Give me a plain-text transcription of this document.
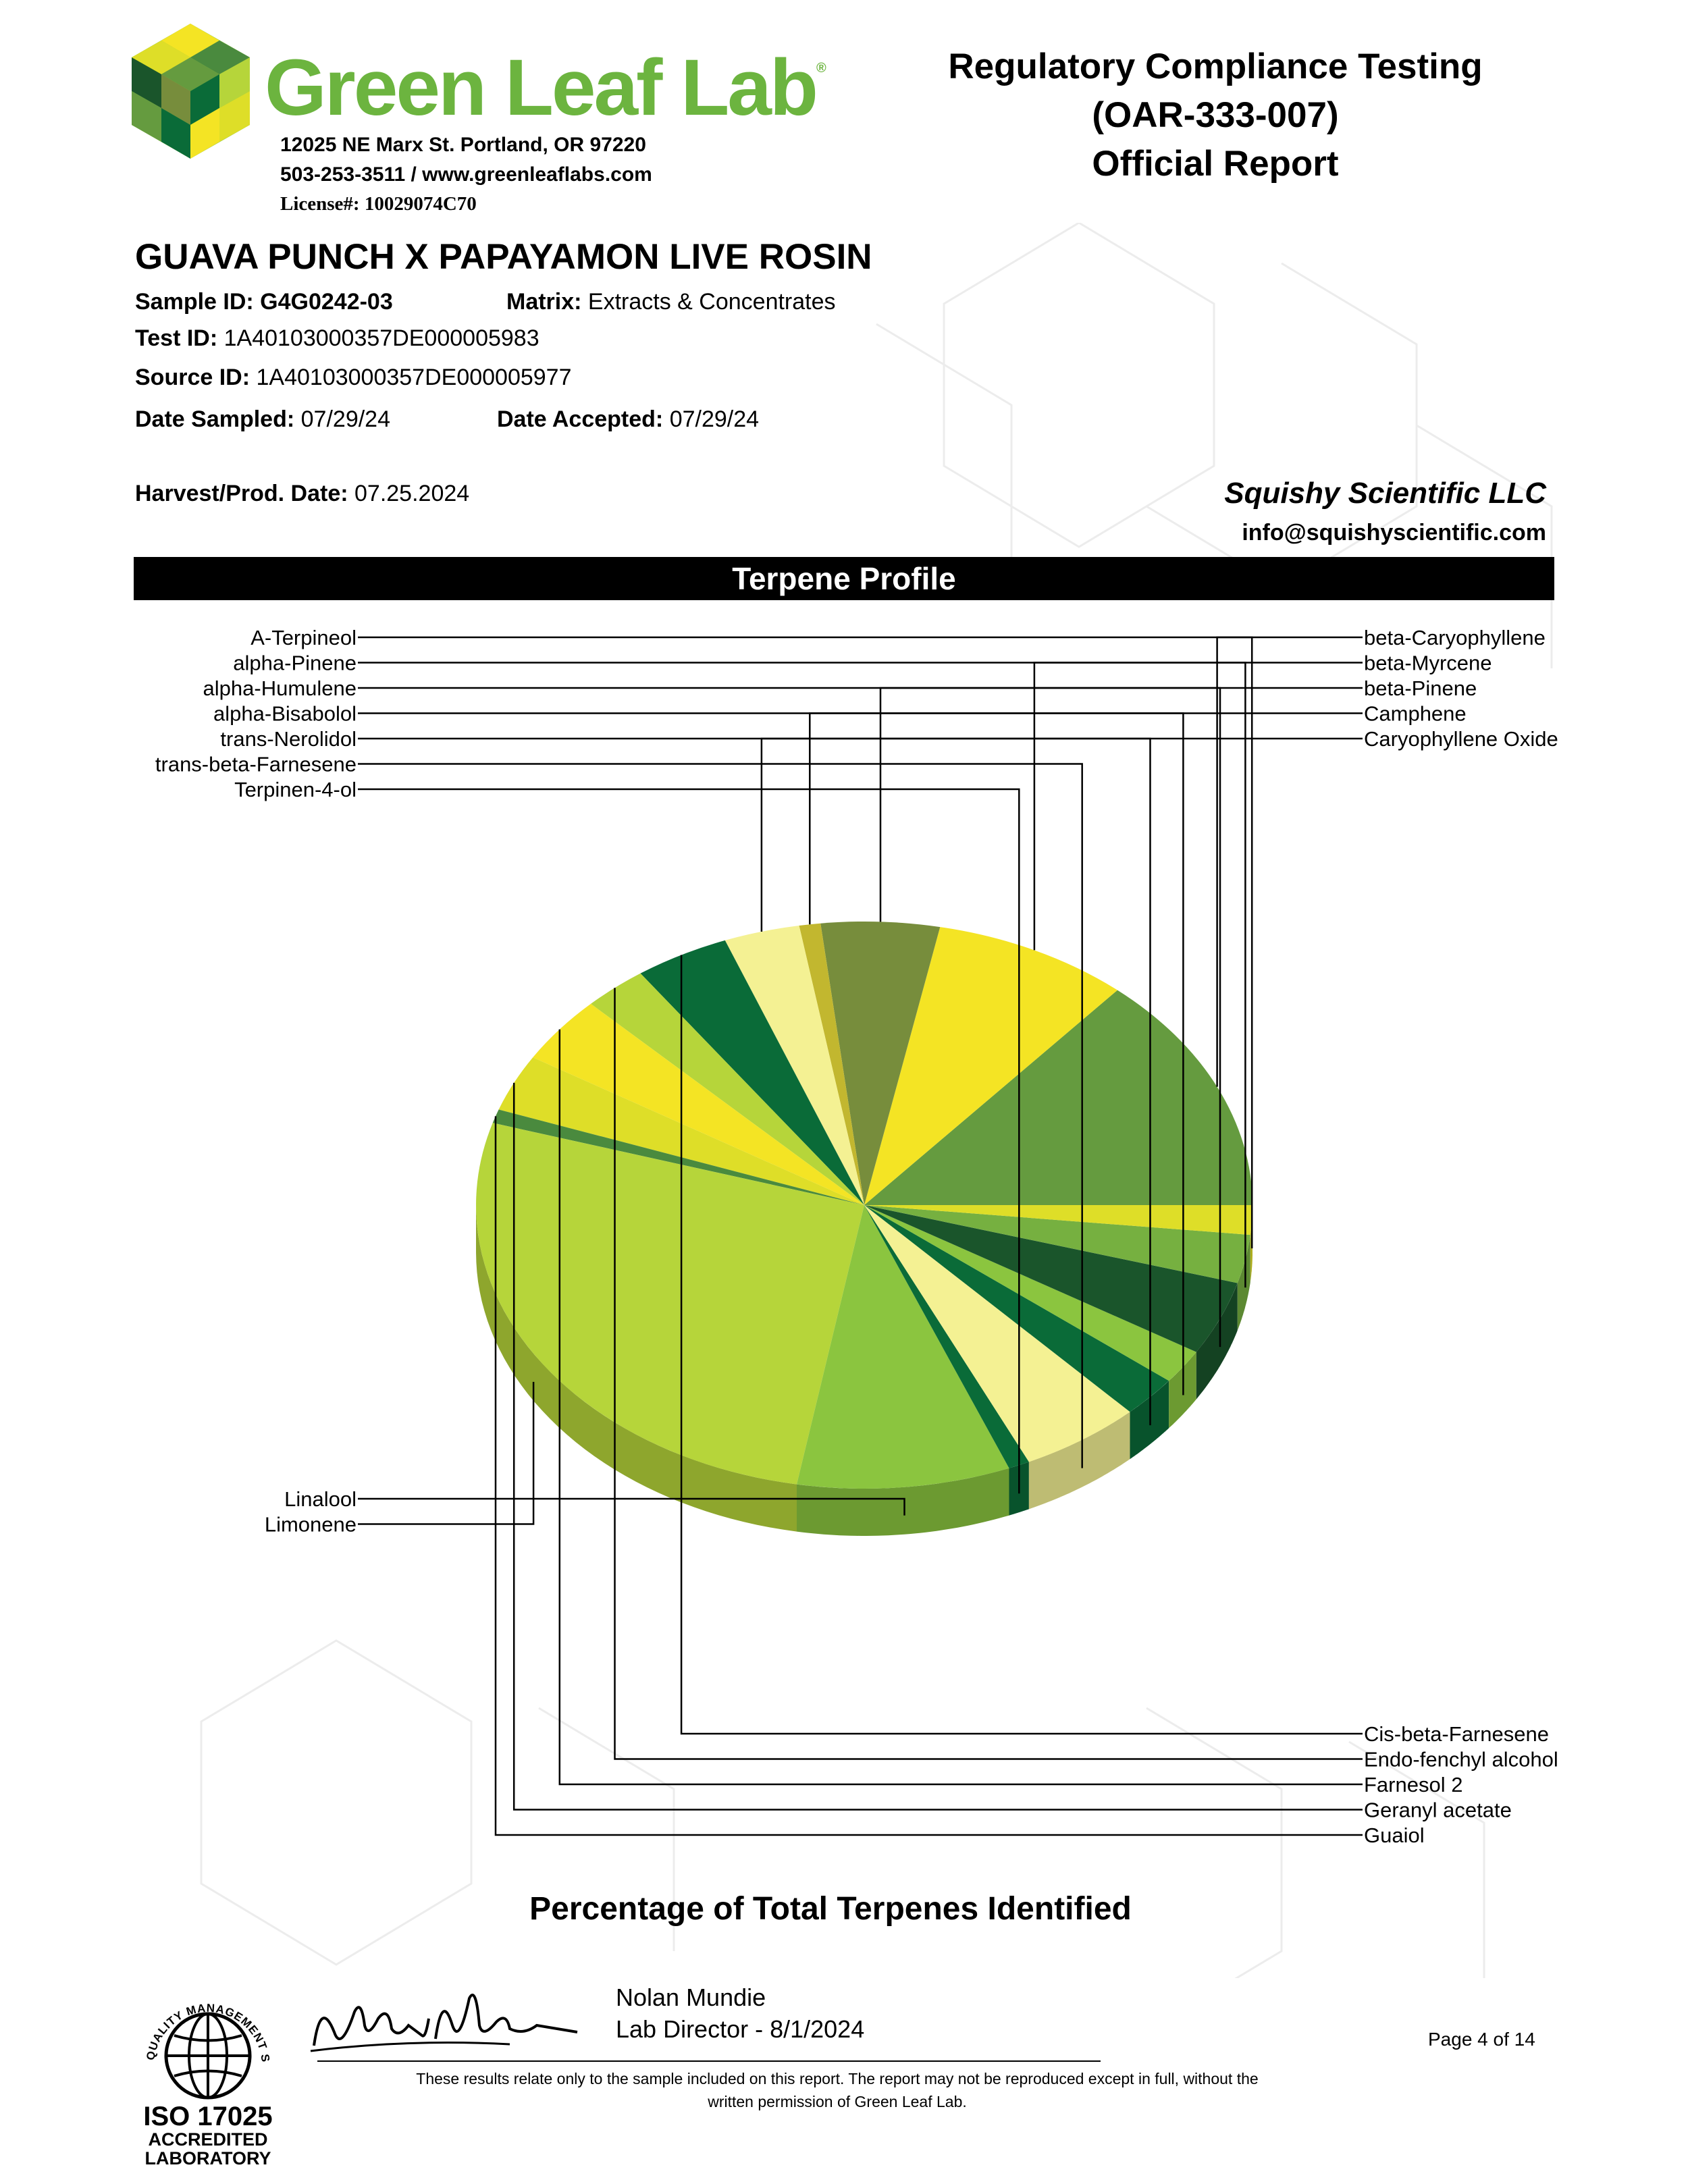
Green Leaf Lab®
12025 NE Marx St. Portland, OR 97220
503-253-3511 / www.greenleaflabs.com
License#: 10029074C70
Regulatory Compliance Testing
(OAR-333-007)
Official Report
GUAVA PUNCH X PAPAYAMON LIVE ROSIN
Sample ID: G4G0242-03	Matrix: Extracts & Concentrates
Test ID: 1A40103000357DE000005983
Source ID: 1A40103000357DE000005977
Date Sampled: 07/29/24	Date Accepted: 07/29/24
Harvest/Prod. Date: 07.25.2024	Squishy Scientific LLC
info@squishyscientific.com
Terpene Profile
A-Terpineol
alpha-Pinene
alpha-Humulene
alpha-Bisabolol
trans-Nerolidol
trans-beta-Farnesene
Terpinen-4-ol
Linalool
Limonene
beta-Caryophyllene
beta-Myrcene
beta-Pinene
Camphene
Caryophyllene Oxide
Cis-beta-Farnesene
Endo-fenchyl alcohol
Farnesol 2
Geranyl acetate
Guaiol
Percentage of Total Terpenes Identified
QUALITY MANAGEMENT S
ISO 17025
ACCREDITED
LABORATORY
Nolan Mundie
Lab Director - 8/1/2024
These results relate only to the sample included on this report. The report may not be reproduced except in full, without the
written permission of Green Leaf Lab.
Page 4 of 14
